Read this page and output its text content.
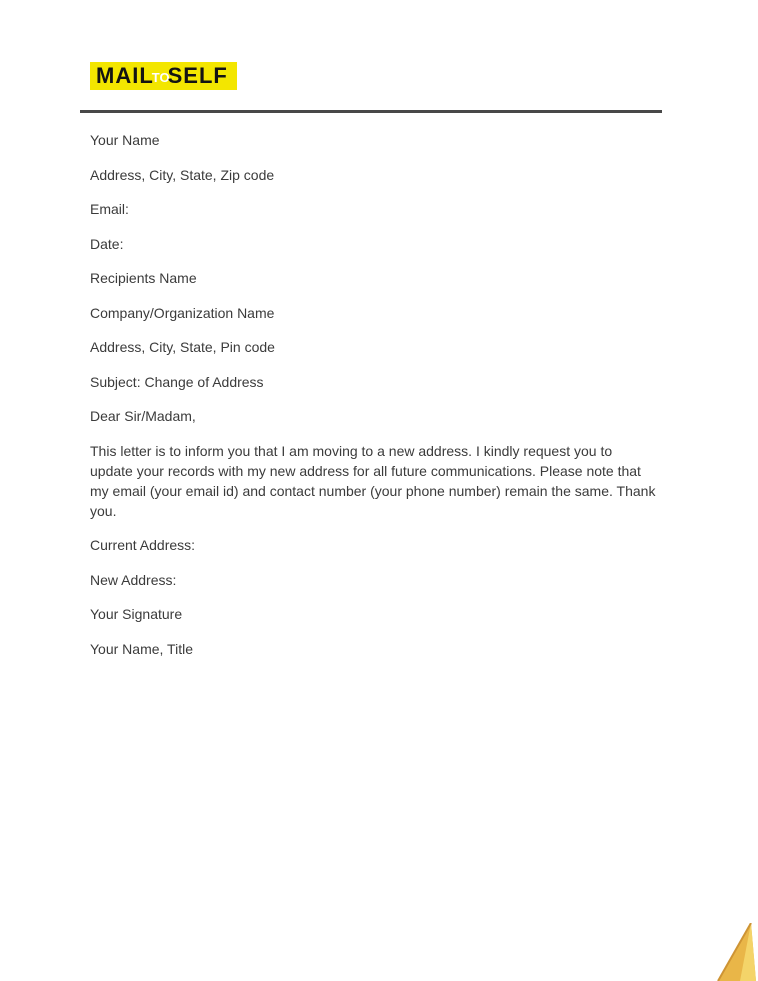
MAIL
TO
SELF

Your Name

Address, City, State, Zip code

Email:

Date:

Recipients Name

Company/Organization Name

Address, City, State, Pin code

Subject: Change of Address

Dear Sir/Madam,

This letter is to inform you that I am moving to a new address. I kindly request you to update your records with my new address for all future communications. Please note that my email (your email id) and contact number (your phone number) remain the same. Thank you.

Current Address:

New Address:

Your Signature

Your Name, Title
